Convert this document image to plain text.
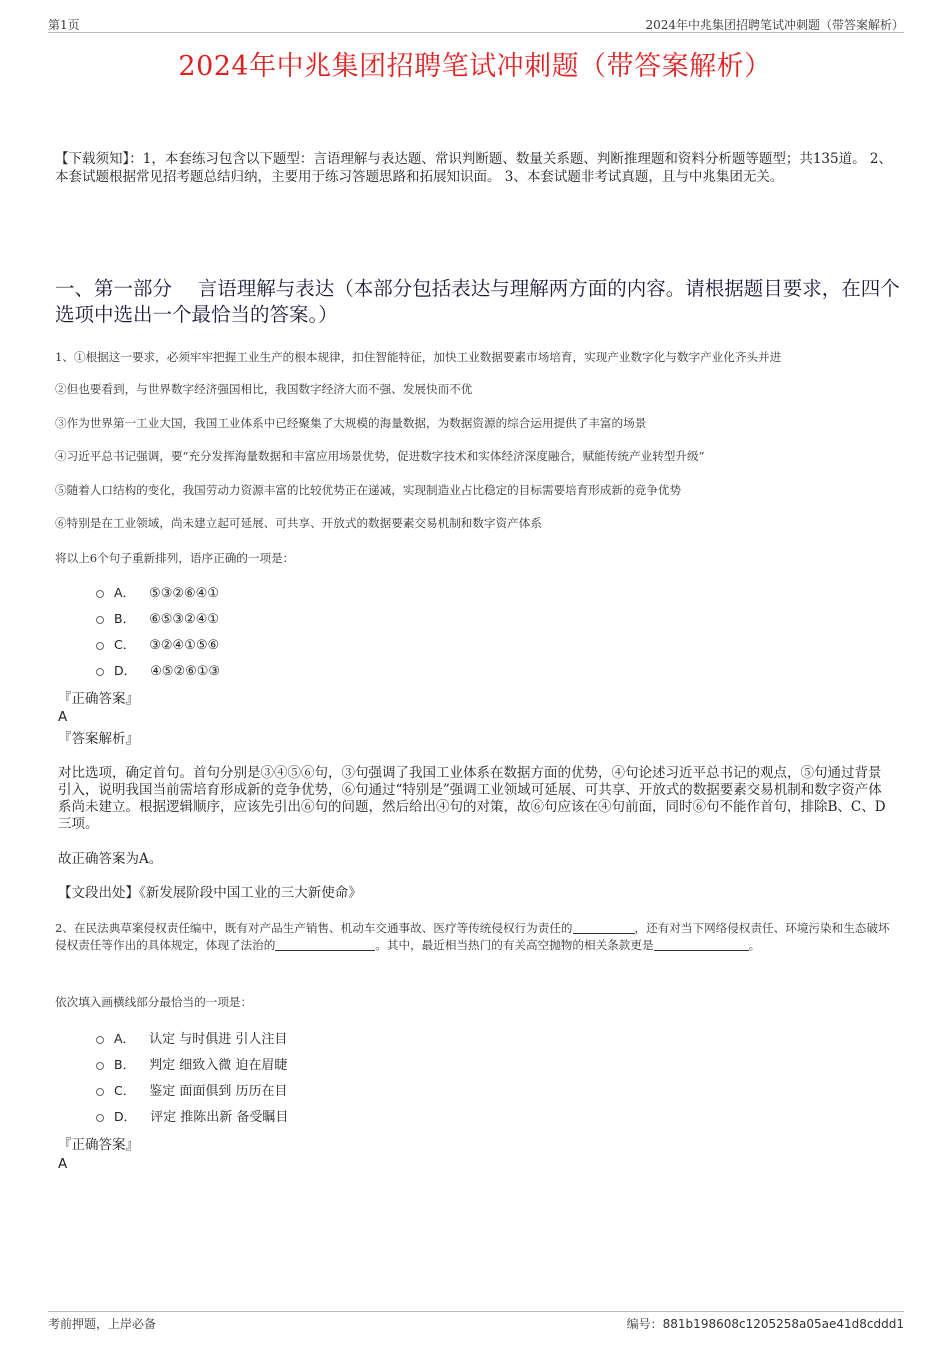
第1页	2024年中兆集团招聘笔试冲刺题（带答案解析）
2024年中兆集团招聘笔试冲刺题（带答案解析）
【下载须知】：1，本套练习包含以下题型：言语理解与表达题、常识判断题、数量关系题、判断推理题和资料分析题等题型；共135道。 2、本套试题根据常见招考题总结归纳，主要用于练习答题思路和拓展知识面。 3、本套试题非考试真题，且与中兆集团无关。
一、第一部分　 言语理解与表达（本部分包括表达与理解两方面的内容。请根据题目要求，在四个选项中选出一个最恰当的答案。）
1、①根据这一要求，必须牢牢把握工业生产的根本规律，扣住智能特征，加快工业数据要素市场培育，实现产业数字化与数字产业化齐头并进
②但也要看到，与世界数字经济强国相比，我国数字经济大而不强、发展快而不优
③作为世界第一工业大国，我国工业体系中已经聚集了大规模的海量数据，为数据资源的综合运用提供了丰富的场景
④习近平总书记强调，要“充分发挥海量数据和丰富应用场景优势，促进数字技术和实体经济深度融合，赋能传统产业转型升级”
⑤随着人口结构的变化，我国劳动力资源丰富的比较优势正在递减，实现制造业占比稳定的目标需要培育形成新的竞争优势
⑥特别是在工业领域，尚未建立起可延展、可共享、开放式的数据要素交易机制和数字资产体系
将以上6个句子重新排列，语序正确的一项是：
A． ⑤③②⑥④①
B． ⑥⑤③②④①
C． ③②④①⑤⑥
D． ④⑤②⑥①③
『正确答案』
A
『答案解析』
对比选项，确定首句。首句分别是③④⑤⑥句，③句强调了我国工业体系在数据方面的优势，④句论述习近平总书记的观点，⑤句通过背景引入，说明我国当前需培育形成新的竞争优势，⑥句通过“特别是”强调工业领域可延展、可共享、开放式的数据要素交易机制和数字资产体系尚未建立。根据逻辑顺序，应该先引出⑥句的问题，然后给出④句的对策，故⑥句应该在④句前面，同时⑥句不能作首句，排除B、C、D三项。
故正确答案为A。
【文段出处】《新发展阶段中国工业的三大新使命》
2、在民法典草案侵权责任编中，既有对产品生产销售、机动车交通事故、医疗等传统侵权行为责任的	，还有对当下网络侵权责任、环境污染和生态破坏侵权责任等作出的具体规定，体现了法治的	。其中，最近相当热门的有关高空抛物的相关条款更是	。
依次填入画横线部分最恰当的一项是：
A． 认定 与时俱进 引人注目
B． 判定 细致入微 迫在眉睫
C． 鉴定 面面俱到 历历在目
D． 评定 推陈出新 备受瞩目
『正确答案』
A
考前押题，上岸必备	编号：881b198608c1205258a05ae41d8cddd1
